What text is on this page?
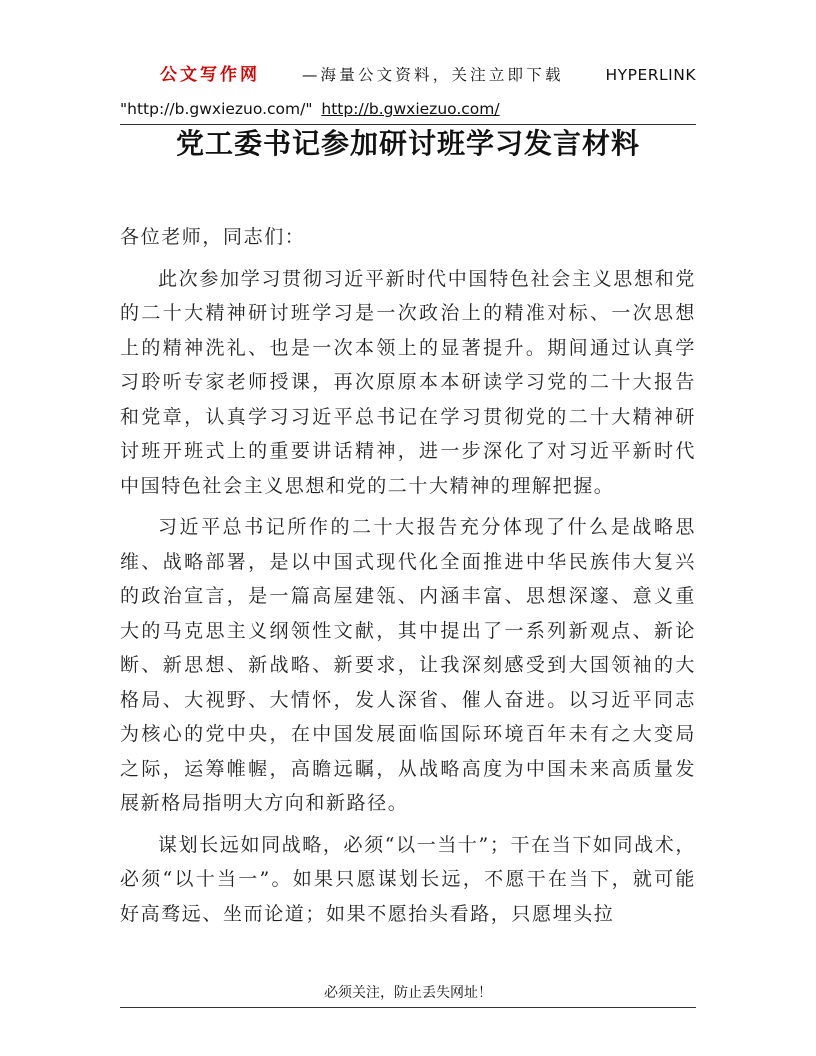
公文写作网	—海量公文资料，关注立即下载	HYPERLINK
"http://b.gwxiezuo.com/" http://b.gwxiezuo.com/
党工委书记参加研讨班学习发言材料

各位老师，同志们：

此次参加学习贯彻习近平新时代中国特色社会主义思想和党的二十大精神研讨班学习是一次政治上的精准对标、一次思想上的精神洗礼、也是一次本领上的显著提升。期间通过认真学习聆听专家老师授课，再次原原本本研读学习党的二十大报告和党章，认真学习习近平总书记在学习贯彻党的二十大精神研讨班开班式上的重要讲话精神，进一步深化了对习近平新时代中国特色社会主义思想和党的二十大精神的理解把握。

习近平总书记所作的二十大报告充分体现了什么是战略思维、战略部署，是以中国式现代化全面推进中华民族伟大复兴的政治宣言，是一篇高屋建瓴、内涵丰富、思想深邃、意义重大的马克思主义纲领性文献，其中提出了一系列新观点、新论断、新思想、新战略、新要求，让我深刻感受到大国领袖的大格局、大视野、大情怀，发人深省、催人奋进。以习近平同志为核心的党中央，在中国发展面临国际环境百年未有之大变局之际，运筹帷幄，高瞻远瞩，从战略高度为中国未来高质量发展新格局指明大方向和新路径。

谋划长远如同战略，必须“以一当十”；干在当下如同战术，必须“以十当一”。如果只愿谋划长远，不愿干在当下，就可能好高骛远、坐而论道；如果不愿抬头看路，只愿埋头拉

必须关注，防止丢失网址！
